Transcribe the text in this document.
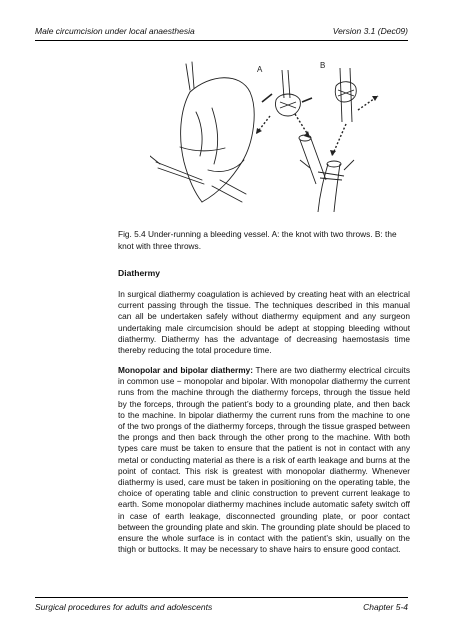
Male circumcision under local anaesthesia	Version 3.1 (Dec09)
A	B
Fig. 5.4 Under-running a bleeding vessel. A: the knot with two throws. B: the knot with three throws.
Diathermy

In surgical diathermy coagulation is achieved by creating heat with an electrical current passing through the tissue. The techniques described in this manual can all be undertaken safely without diathermy equipment and any surgeon undertaking male circumcision should be adept at stopping bleeding without diathermy. Diathermy has the advantage of decreasing haemostasis time thereby reducing the total procedure time.

Monopolar and bipolar diathermy: There are two diathermy electrical circuits in common use − monopolar and bipolar. With monopolar diathermy the current runs from the machine through the diathermy forceps, through the tissue held by the forceps, through the patient’s body to a grounding plate, and then back to the machine. In bipolar diathermy the current runs from the machine to one of the two prongs of the diathermy forceps, through the tissue grasped between the prongs and then back through the other prong to the machine. With both types care must be taken to ensure that the patient is not in contact with any metal or conducting material as there is a risk of earth leakage and burns at the point of contact. This risk is greatest with monopolar diathermy. Whenever diathermy is used, care must be taken in positioning on the operating table, the choice of operating table and clinic construction to prevent current leakage to earth. Some monopolar diathermy machines include automatic safety switch off in case of earth leakage, disconnected grounding plate, or poor contact between the grounding plate and skin. The grounding plate should be placed to ensure the whole surface is in contact with the patient’s skin, usually on the thigh or buttocks. It may be necessary to shave hairs to ensure good contact.

Surgical procedures for adults and adolescents	Chapter 5-4
